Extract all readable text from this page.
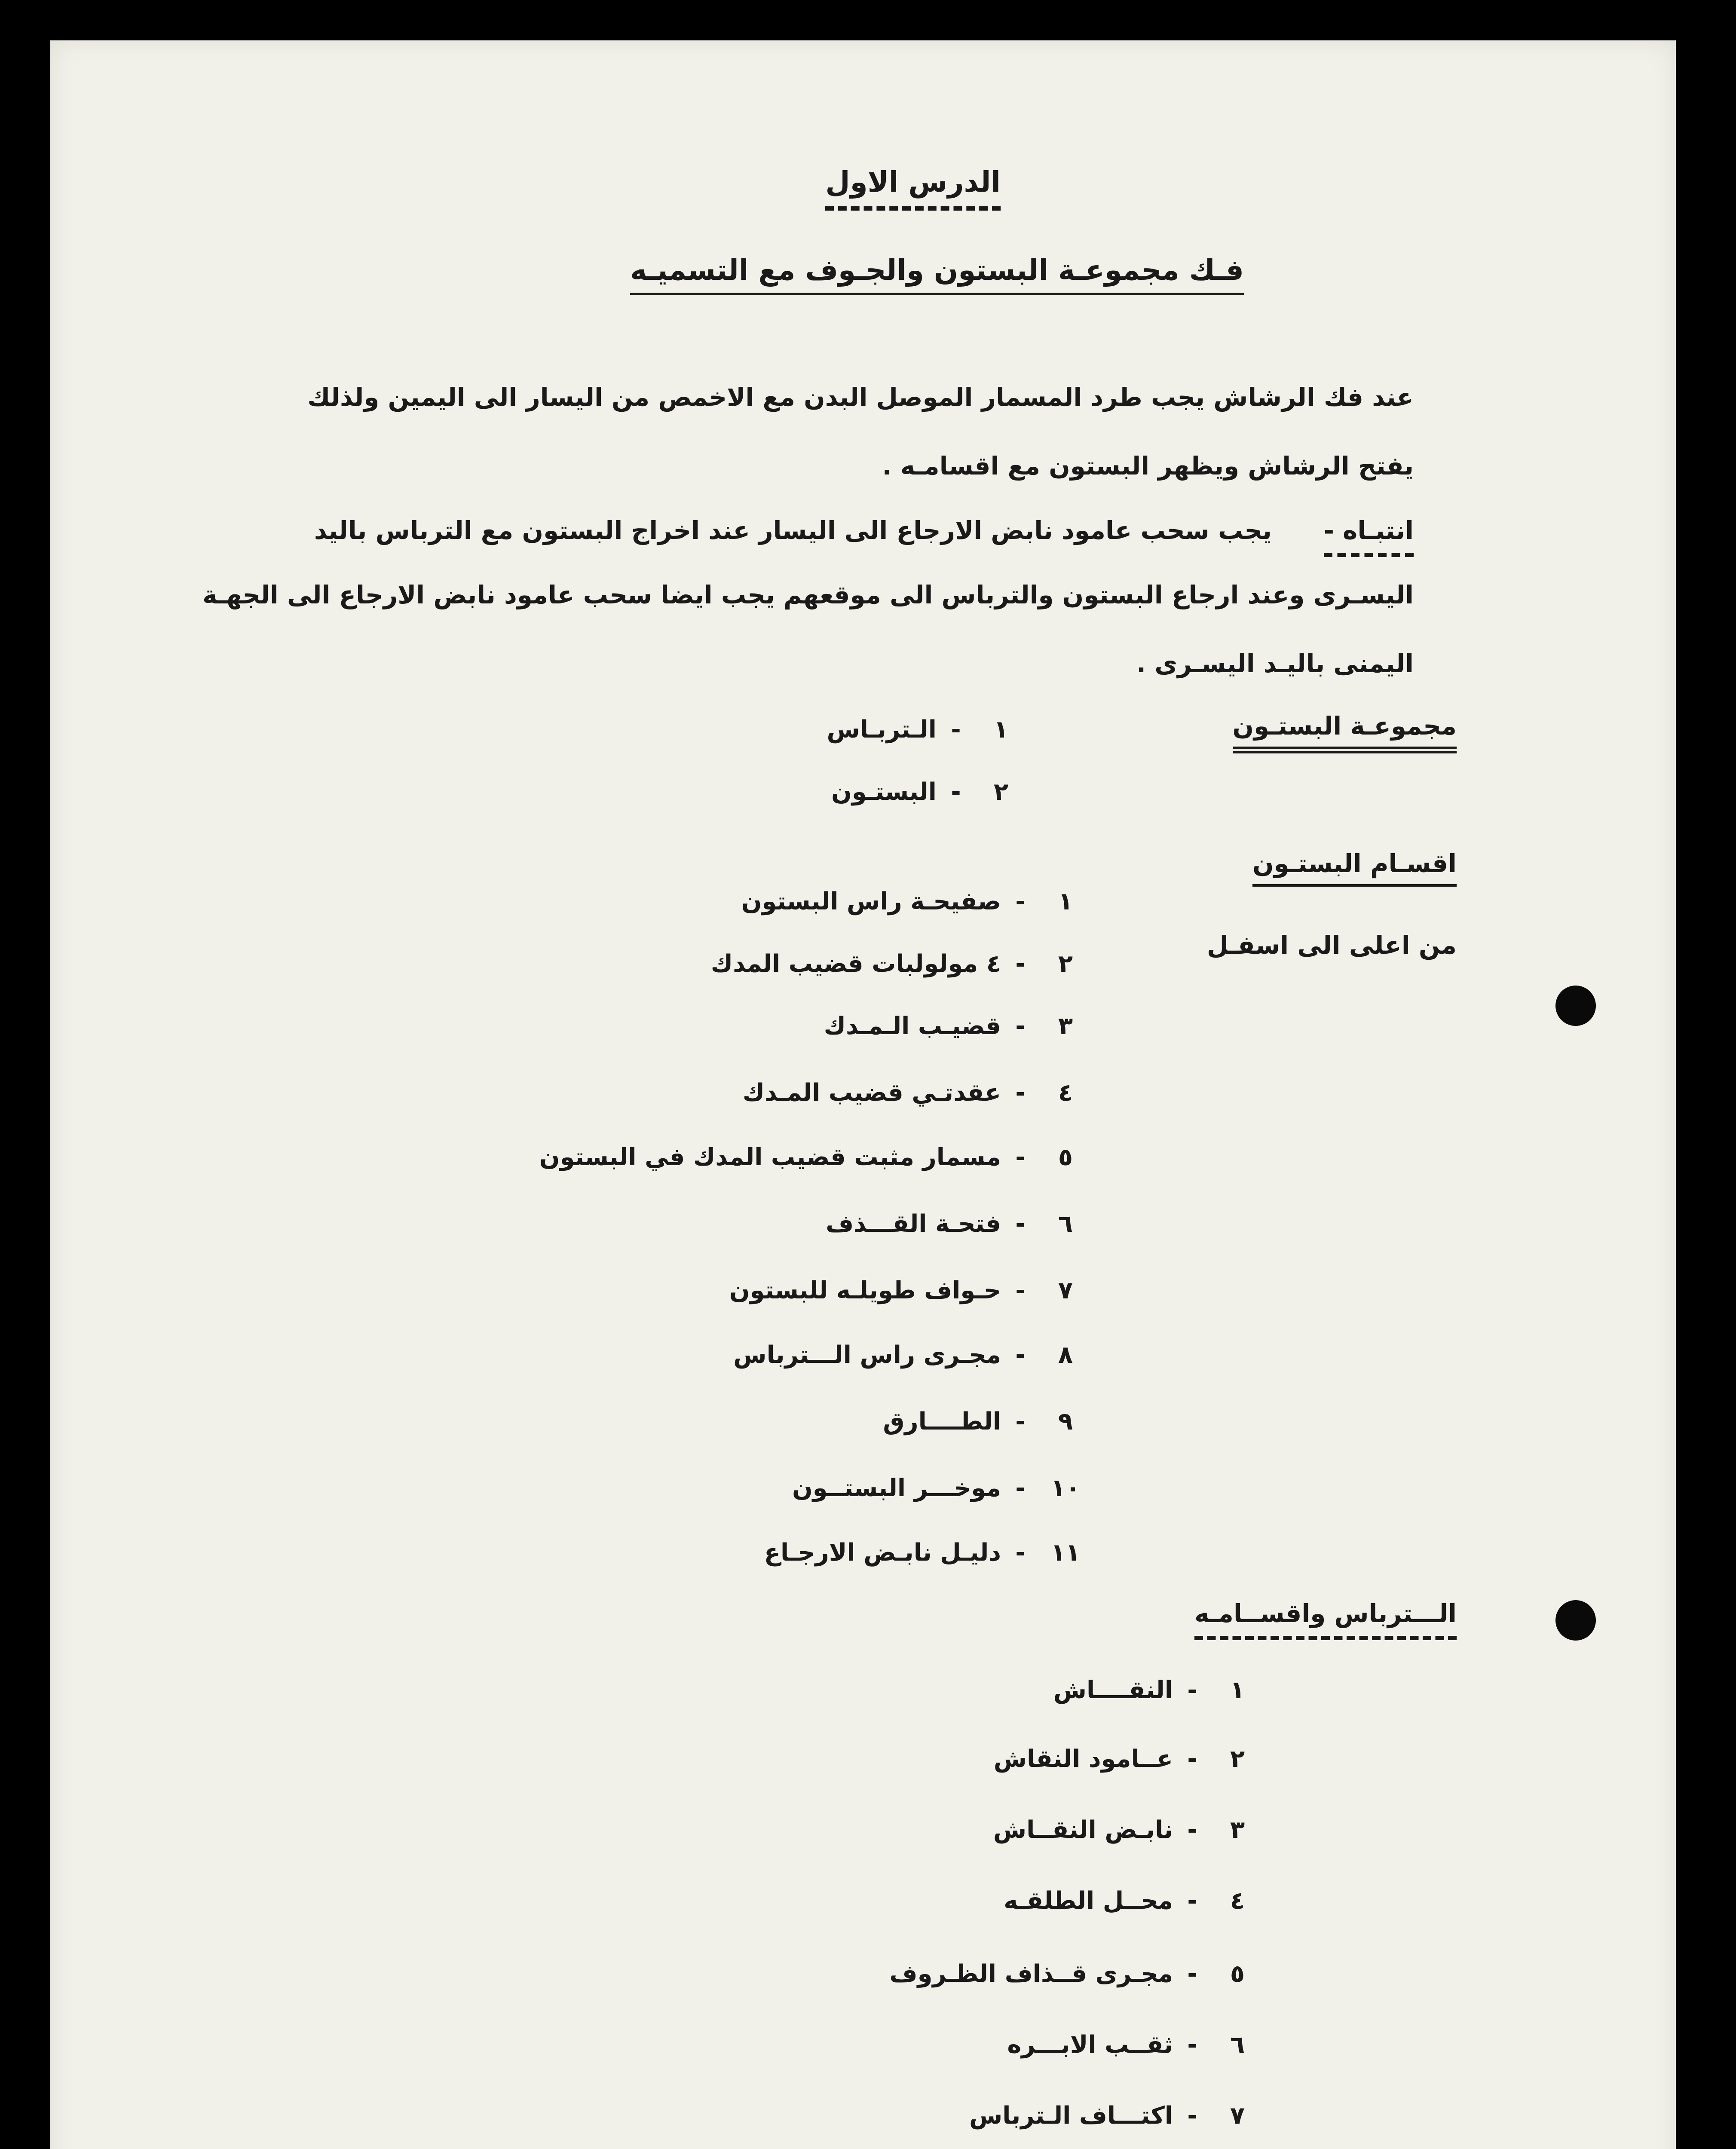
الدرس الاول
فـك مجموعـة البستون والجـوف مع التسميـه
عند فك الرشاش يجب طرد المسمار الموصل البدن مع الاخمص من اليسار الى اليمين ولذلك
يفتح الرشاش ويظهر البستون مع اقسامـه .
انتبـاه -
يجب سحب عامود نابض الارجاع الى اليسار عند اخراج البستون مع الترباس باليد
اليسـرى وعند ارجاع البستون والترباس الى موقعهم يجب ايضا سحب عامود نابض الارجاع الى الجهـة
اليمنى باليـد اليسـرى .
مجموعـة البستـون
١-الـتربـاس
٢-البستـون
اقسـام البستـون
من اعلى الى اسفـل
١-صفيحـة راس البستون
٢-٤ مولولبات قضيب المدك
٣-قضيـب الـمـدك
٤-عقدتـي قضيب المـدك
٥-مسمار مثبت قضيب المدك في البستون
٦-فتحـة القـــذف
٧-حـواف طويلـه للبستون
٨-مجـرى راس الـــترباس
٩-الطــــارق
١٠-موخـــر البستــون
١١-دليـل نابـض الارجـاع
الـــترباس واقســامـه
١-النقــــاش
٢-عــامود النقاش
٣-نابـض النقــاش
٤-محــل الطلقـه
٥-مجـرى قــذاف الظـروف
٦-ثقــب الابـــره
٧-اكتـــاف الـترباس
